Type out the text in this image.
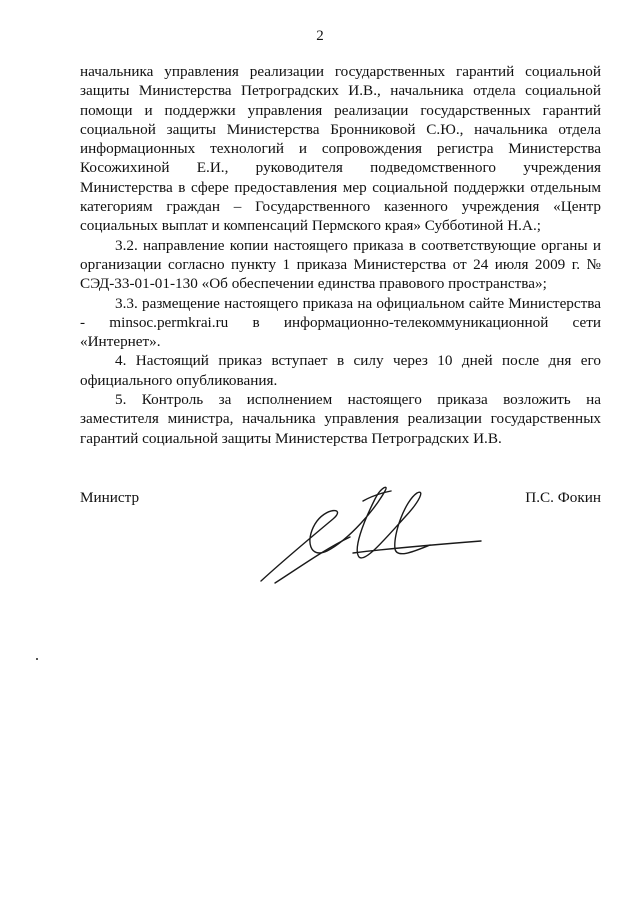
2

начальника управления реализации государственных гарантий социальной защиты Министерства Петроградских И.В., начальника отдела социальной помощи и поддержки управления реализации государственных гарантий социальной защиты Министерства Бронниковой С.Ю., начальника отдела информационных технологий и сопровождения регистра Министерства Косожихиной Е.И., руководителя подведомственного учреждения Министерства в сфере предоставления мер социальной поддержки отдельным категориям граждан – Государственного казенного учреждения «Центр социальных выплат и компенсаций Пермского края» Субботиной Н.А.;

3.2. направление копии настоящего приказа в соответствующие органы и организации согласно пункту 1 приказа Министерства от 24 июля 2009 г. № СЭД-33-01-01-130 «Об обеспечении единства правового пространства»;

3.3. размещение настоящего приказа на официальном сайте Министерства - minsoc.permkrai.ru в информационно-телекоммуникационной сети «Интернет».

4. Настоящий приказ вступает в силу через 10 дней после дня его официального опубликования.

5. Контроль за исполнением настоящего приказа возложить на заместителя министра, начальника управления реализации государственных гарантий социальной защиты Министерства Петроградских И.В.

Министр	П.С. Фокин
